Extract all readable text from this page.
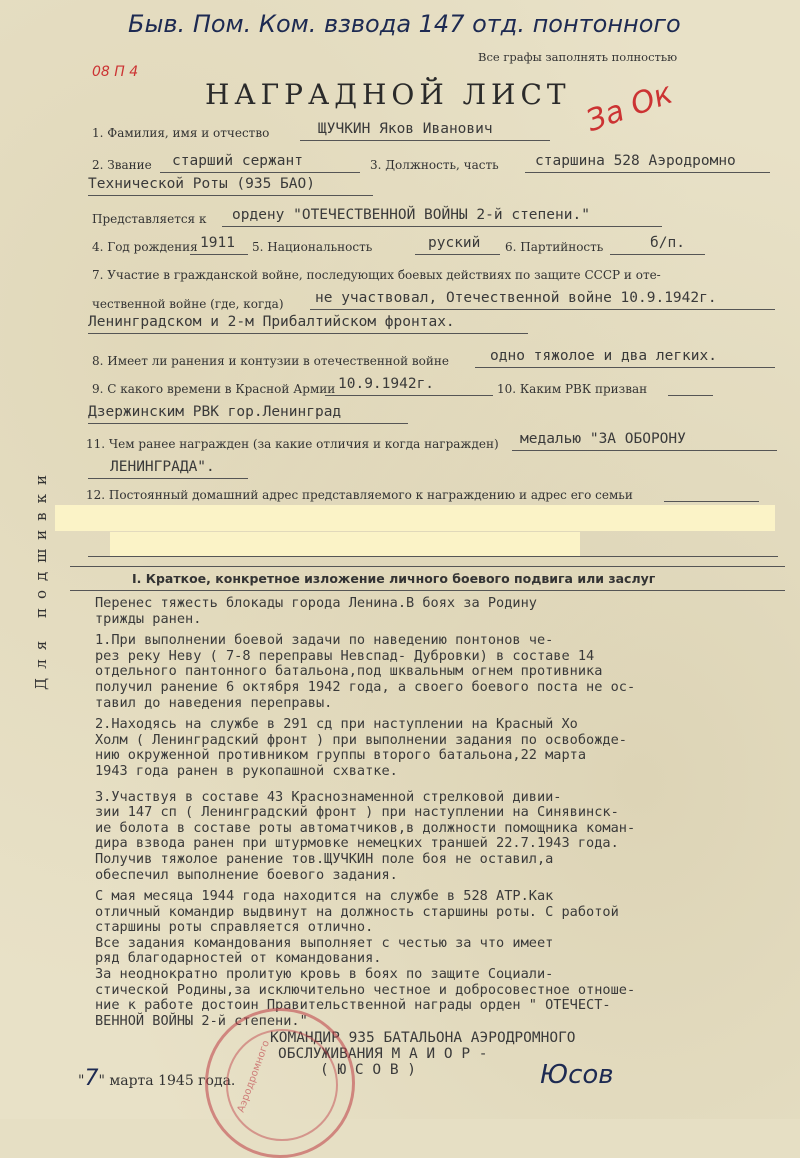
Быв. Пом. Ком. взвода 147 отд. понтонного
Все графы заполнять полностью
08 П 4
За Ок
НАГРАДНОЙ ЛИСТ
1. Фамилия, имя и отчество	ЩУЧКИН Яков Иванович
2. Звание старший сержант	3. Должность, часть	старшина 528 Аэродромно
Технической Роты (935 БАО)
Представляется к ордену "ОТЕЧЕСТВЕННОЙ ВОЙНЫ 2-й степени."
4. Год рождения 1911 5. Национальность	руский 6. Партийность	б/п.
7. Участие в гражданской войне, последующих боевых действиях по защите СССР и оте-
чественной войне (где, когда) не участвовал, Отечественной войне 10.9.1942г.
Ленинградском и 2-м Прибалтийском фронтах.
8. Имеет ли ранения и контузии в отечественной войне	одно тяжолое и два легких.
9. С какого времени в Красной Армии 10.9.1942г.	10. Каким РВК призван
Дзержинским РВК гор.Ленинград
11. Чем ранее награжден (за какие отличия и когда награжден) медалью "ЗА ОБОРОНУ
ЛЕНИНГРАДА".
12. Постоянный домашний адрес представляемого к награждению и адрес его семьи
I. Краткое, конкретное изложение личного боевого подвига или заслуг
Для подшивки	Перенес тяжесть блокады города Ленина.В боях за Родину
трижды ранен.
1.При выполнении боевой задачи по наведению понтонов че-
рез реку Неву ( 7-8 переправы Невспад- Дубровки) в составе 14
отдельного пантонного батальона,под шквальным огнем противника
получил ранение 6 октября 1942 года, а своего боевого поста не ос-
тавил до наведения переправы.
2.Находясь на службе в 291 сд при наступлении на Красный Хо
Холм ( Ленинградский фронт ) при выполнении задания по освобожде-
нию окруженной противником группы второго батальона,22 марта
1943 года ранен в рукопашной схватке.
3.Участвуя в составе 43 Краснознаменной стрелковой дивии-
зии 147 сп ( Ленинградский фронт ) при наступлении на Синявинск-
ие болота в составе роты автоматчиков,в должности помощника коман-
дира взвода ранен при штурмовке немецких траншей 22.7.1943 года.
Получив тяжолое ранение тов.ЩУЧКИН поле боя не оставил,а
обеспечил выполнение боевого задания.
С мая месяца 1944 года находится на службе в 528 АТР.Как
отличный командир выдвинут на должность старшины роты. С работой
старшины роты справляется отлично.
Все задания командования выполняет с честью за что имеет
ряд благодарностей от командования.
За неоднократно пролитую кровь в боях по защите Социали-
стической Родины,за исключительно честное и добросовестное отноше-
ние к работе достоин Правительственной награды орден " ОТЕЧЕСТ-
ВЕННОЙ ВОЙНЫ 2-й степени."
КОМАНДИР 935 БАТАЛЬОНА АЭРОДРОМНОГО
ОБСЛУЖИВАНИЯ М А И О Р -
( Ю С О В )	Юсов
"7" марта 1945 года. Аэродромного
